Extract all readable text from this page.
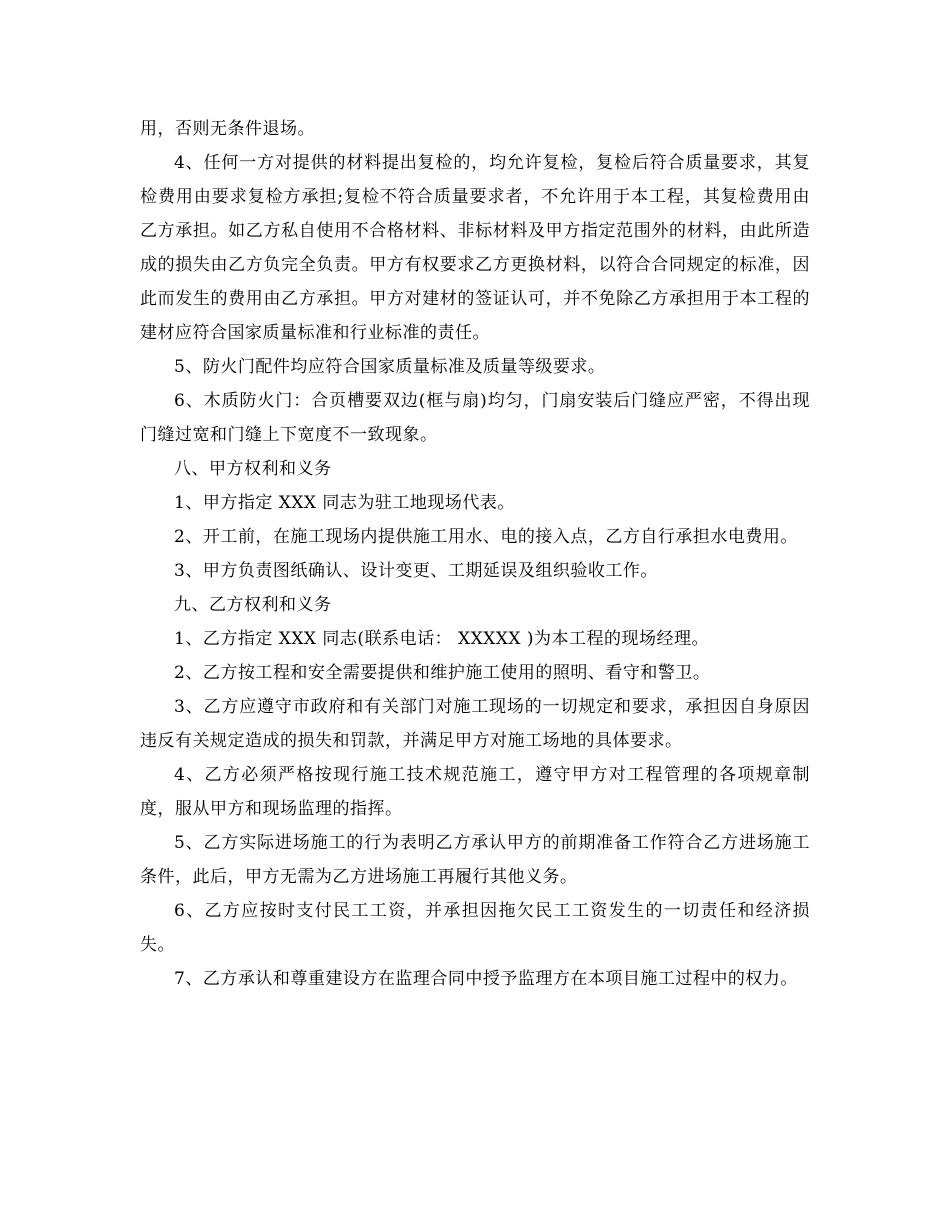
用，否则无条件退场。

4、任何一方对提供的材料提出复检的，均允许复检，复检后符合质量要求，其复检费用由要求复检方承担;复检不符合质量要求者，不允许用于本工程，其复检费用由乙方承担。如乙方私自使用不合格材料、非标材料及甲方指定范围外的材料，由此所造成的损失由乙方负完全负责。甲方有权要求乙方更换材料，以符合合同规定的标准，因此而发生的费用由乙方承担。甲方对建材的签证认可，并不免除乙方承担用于本工程的建材应符合国家质量标准和行业标准的责任。

5、防火门配件均应符合国家质量标准及质量等级要求。

6、木质防火门：合页槽要双边(框与扇)均匀，门扇安装后门缝应严密，不得出现门缝过宽和门缝上下宽度不一致现象。

八、甲方权利和义务

1、甲方指定 XXX 同志为驻工地现场代表。

2、开工前，在施工现场内提供施工用水、电的接入点，乙方自行承担水电费用。

3、甲方负责图纸确认、设计变更、工期延误及组织验收工作。

九、乙方权利和义务

1、乙方指定 XXX 同志(联系电话： XXXXX )为本工程的现场经理。

2、乙方按工程和安全需要提供和维护施工使用的照明、看守和警卫。

3、乙方应遵守市政府和有关部门对施工现场的一切规定和要求，承担因自身原因违反有关规定造成的损失和罚款，并满足甲方对施工场地的具体要求。

4、乙方必须严格按现行施工技术规范施工，遵守甲方对工程管理的各项规章制度，服从甲方和现场监理的指挥。

5、乙方实际进场施工的行为表明乙方承认甲方的前期准备工作符合乙方进场施工条件，此后，甲方无需为乙方进场施工再履行其他义务。

6、乙方应按时支付民工工资，并承担因拖欠民工工资发生的一切责任和经济损失。

7、乙方承认和尊重建设方在监理合同中授予监理方在本项目施工过程中的权力。
